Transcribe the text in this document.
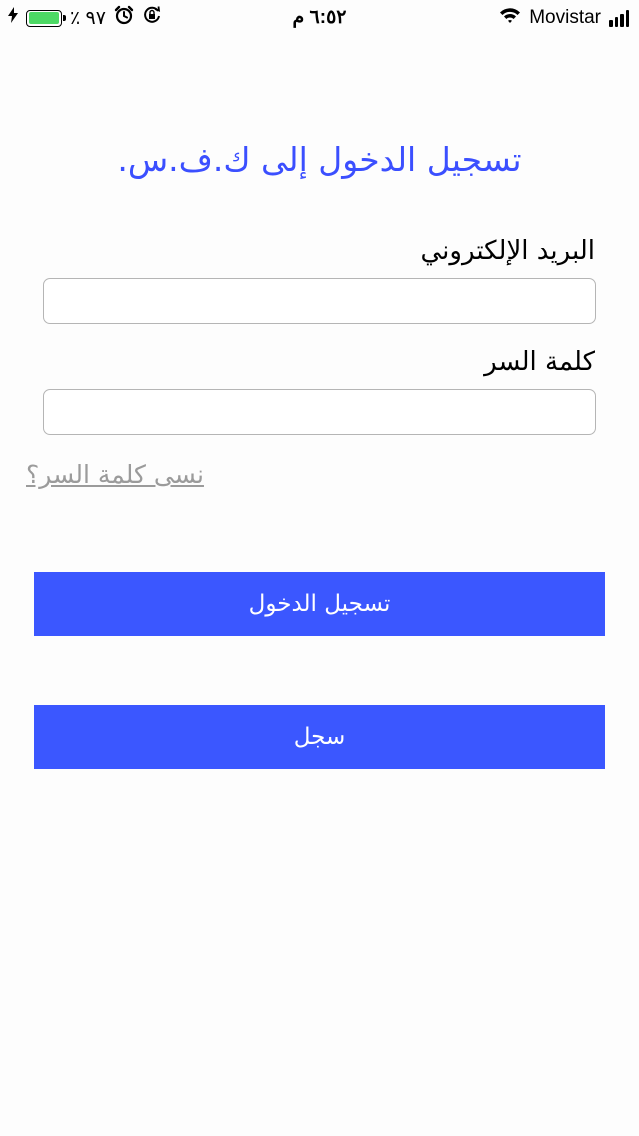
٪ ٩٧	٦:٥٢ م	Movistar
تسجيل الدخول إلى ك.ف.س.
البريد الإلكتروني
كلمة السر
نسى كلمة السر؟
تسجيل الدخول
سجل
